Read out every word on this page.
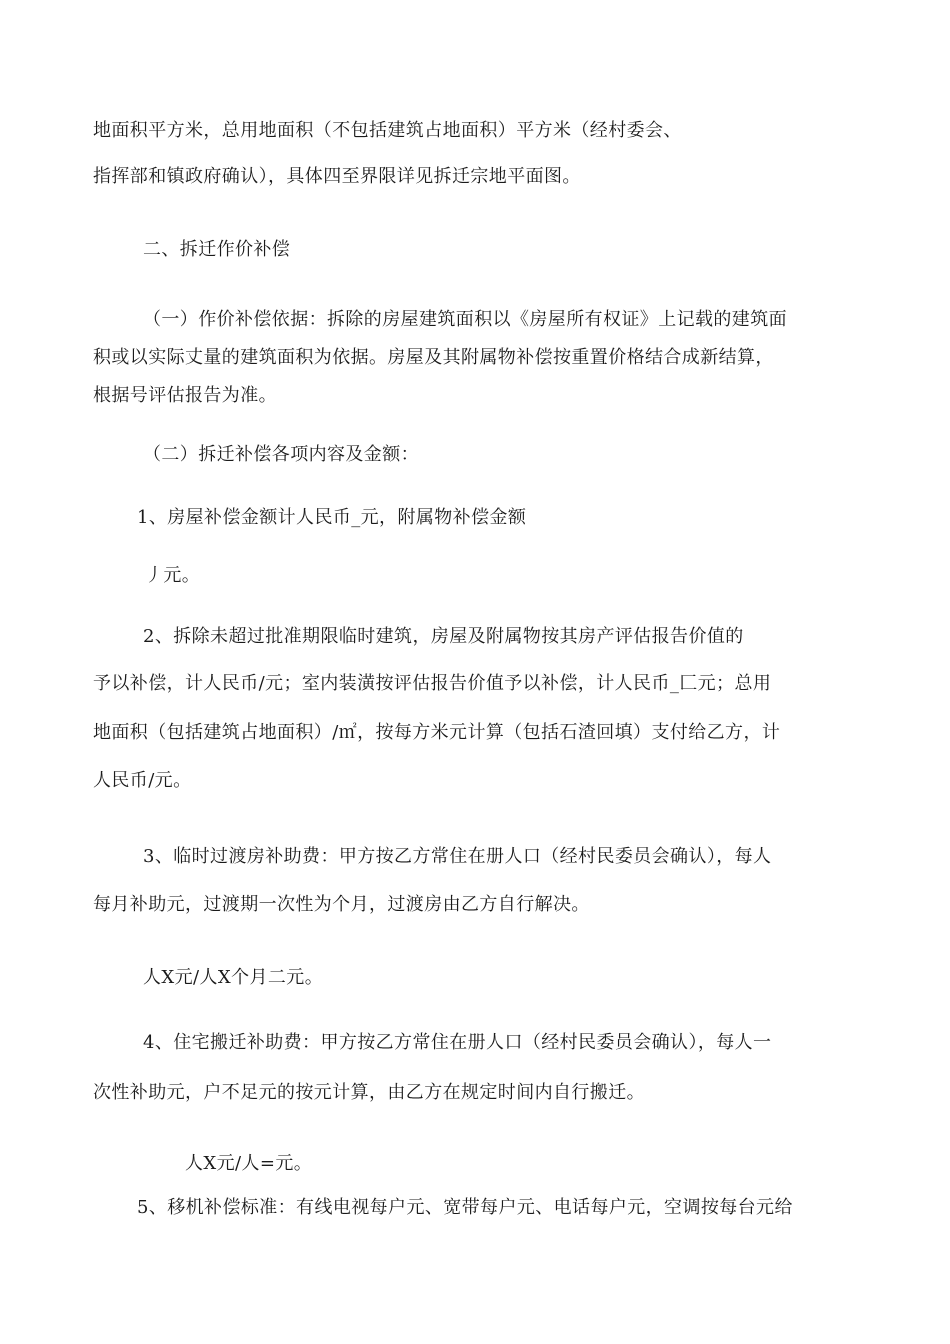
地面积平方米，总用地面积（不包括建筑占地面积）平方米（经村委会、
指挥部和镇政府确认），具体四至界限详见拆迁宗地平面图。
二、拆迁作价补偿
（一）作价补偿依据：拆除的房屋建筑面积以《房屋所有权证》上记载的建筑面
积或以实际丈量的建筑面积为依据。房屋及其附属物补偿按重置价格结合成新结算，
根据号评估报告为准。
（二）拆迁补偿各项内容及金额：
1、房屋补偿金额计人民币_元，附属物补偿金额
丿元。
2、拆除未超过批准期限临时建筑，房屋及附属物按其房产评估报告价值的
予以补偿，计人民币/元；室内装潢按评估报告价值予以补偿，计人民币_匚元；总用
地面积（包括建筑占地面积）/㎡，按每方米元计算（包括石渣回填）支付给乙方，计
人民币/元。
3、临时过渡房补助费：甲方按乙方常住在册人口（经村民委员会确认），每人
每月补助元，过渡期一次性为个月，过渡房由乙方自行解决。
人X元/人X个月二元。
4、住宅搬迁补助费：甲方按乙方常住在册人口（经村民委员会确认），每人一
次性补助元，户不足元的按元计算，由乙方在规定时间内自行搬迁。
人X元/人=元。
5、移机补偿标准：有线电视每户元、宽带每户元、电话每户元，空调按每台元给
